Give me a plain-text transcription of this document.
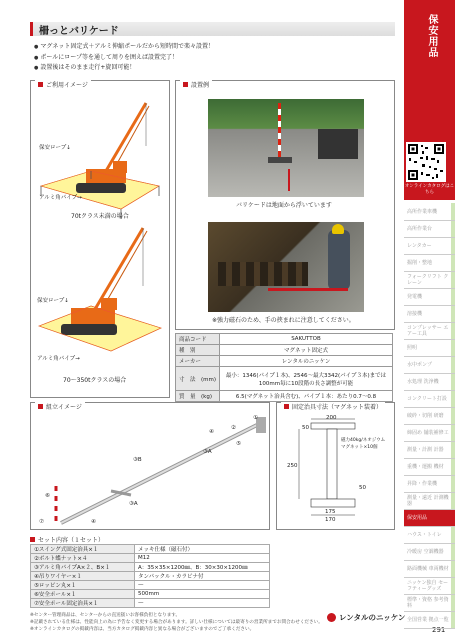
柵っとバリケード
● マグネット固定式＋アルミ伸縮ポールだから短時間で楽々設置！
● ポールにロープ等を通して周りを囲えば設置完了！
● 設置後はそのまま走行+旋回可能！
ご利用イメージ
保安ロープ↓
アルミ角パイプ→
70tクラス未満の場合
保安ロープ↓
アルミ角パイプ→
70〜350tクラスの場合
設置例
バリケードは地面から浮いています
※強力磁石のため、手の挟まれに注意してください。
商品コード	SAKUTTOB
種　別	マグネット固定式
メーカー	レンタルのニッケン
寸　法　(mm)	最小：1346(パイプ１本)、2546〜最大3342(パイプ３本)までは100mm毎に10段階の長さ調整が可能
質　量　(kg)	6.5(マグネット治具含む)、パイプ１本：あたり0.7〜0.8
組立イメージ
①
②
④
⑤
③A
③B
③A
⑥
⑦	④
固定治具寸法（マグネット装着）
200
50
250
175
170
50
磁力40kg/ネオジウム
マグネット×10個
セット内容（１セット）
①スイング式固定治具×１	メッキ仕様（磁石付）
②ボルト蝶ナット×４	M12
③アルミ角パイプA×２、B×１	A：35×35×1200㎜、B：30×30×1200㎜
④吊りワイヤー×１	タンパックル・カラビナ付
⑤ロッピン丸×１	—
⑥安全ポール×１	500mm
⑦安全ポール固定治具×１	—
※センター管理商品は、センターからの直送扱いお客様負担となります。
※記載されている仕様は、性能向上の為に予告なく変更する場合があります。詳しい仕様については最寄りの営業所までお問合わせください。
※オンラインカタログの掲載内容は、当方カタログ掲載内容と異なる場合がございますのでご了承ください。
レンタルのニッケン
291
保安用品
オンラインカタログはこちら
高所作業車機
高所作業台
レンタカー
掘削・整地
フォークリフト クレーン
発電機
溶接機
コンプレッサー エアー工具
照明
水中ポンプ
水処理 洗浄機
コンクリート打設
破砕・切削 研磨
締固め 舗装補修工
測量・計測 計器
重機・運搬 機材
昇降・作業機
測量・遠近 計測機器
保安用品
ハウス・トイレ
冷暖房 空調機器
路面機械 車両機材
ニッケン独自 セーフティーグッズ
標準・資格 参考資料
全国営業 拠点一覧
